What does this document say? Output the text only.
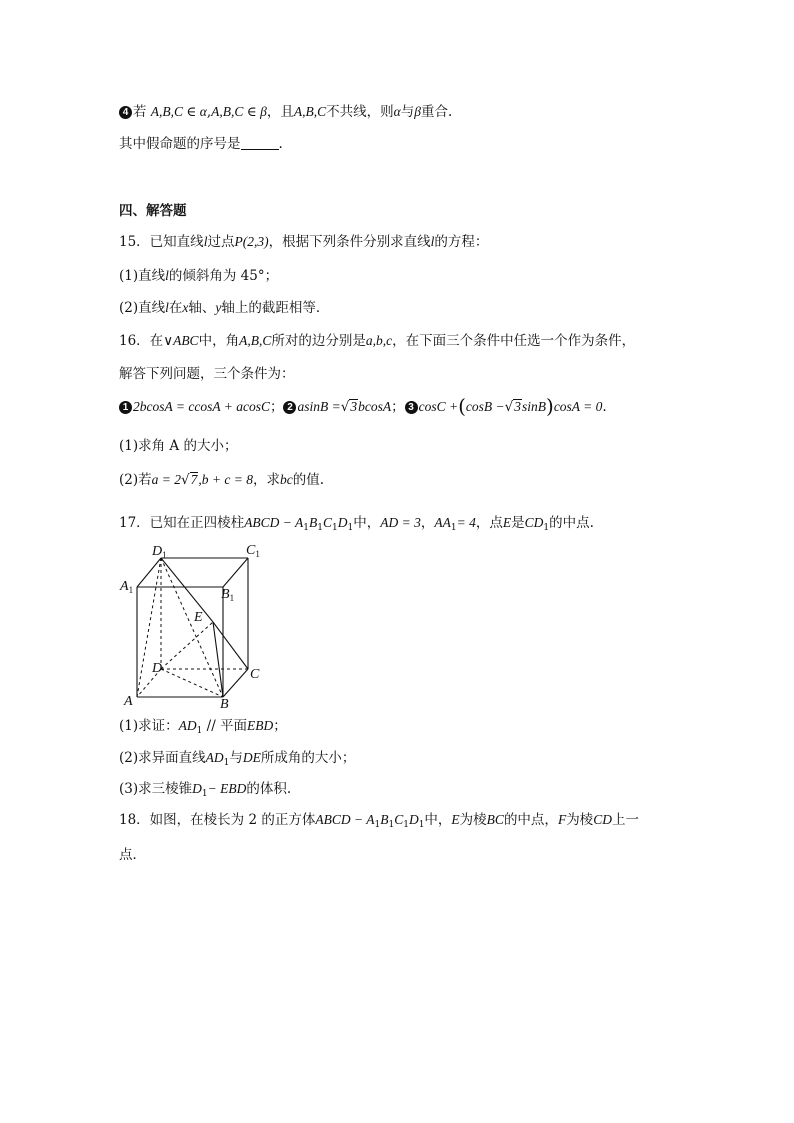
4 若 A,B,C ∈ α,A,B,C ∈ β，且A,B,C不共线，则α与β重合.
其中假命题的序号是	.
四、解答题
15．已知直线l过点P(2,3)，根据下列条件分别求直线l的方程：
(1)直线l的倾斜角为 45°；
(2)直线l在x轴、y轴上的截距相等．
16．在∨ABC中，角A,B,C所对的边分别是a,b,c，在下面三个条件中任选一个作为条件，
解答下列问题，三个条件为：
1 2bcosA = ccosA + acosC； 2 asinB =√3bcosA； 3 cosC +(cosB −√3sinB)cosA = 0.
(1)求角 A 的大小；
(2)若a = 2√7,b + c = 8，求bc的值.
17．已知在正四棱柱ABCD − $A_1B_1C_1D_1$中，AD = 3，$AA_1= 4$，点E是$CD_1$的中点.
$D_1$	$C_1$
$A_1$	$B_1$
E
D	C
A	B
(1)求证：$AD_1$ // 平面EBD；
(2)求异面直线$AD_1$与DE所成角的大小；
(3)求三棱锥$D_1-$ EBD的体积.
18．如图，在棱长为 2 的正方体ABCD − $A_1B_1C_1D_1$中，E为棱BC的中点，F为棱CD上一
点．
